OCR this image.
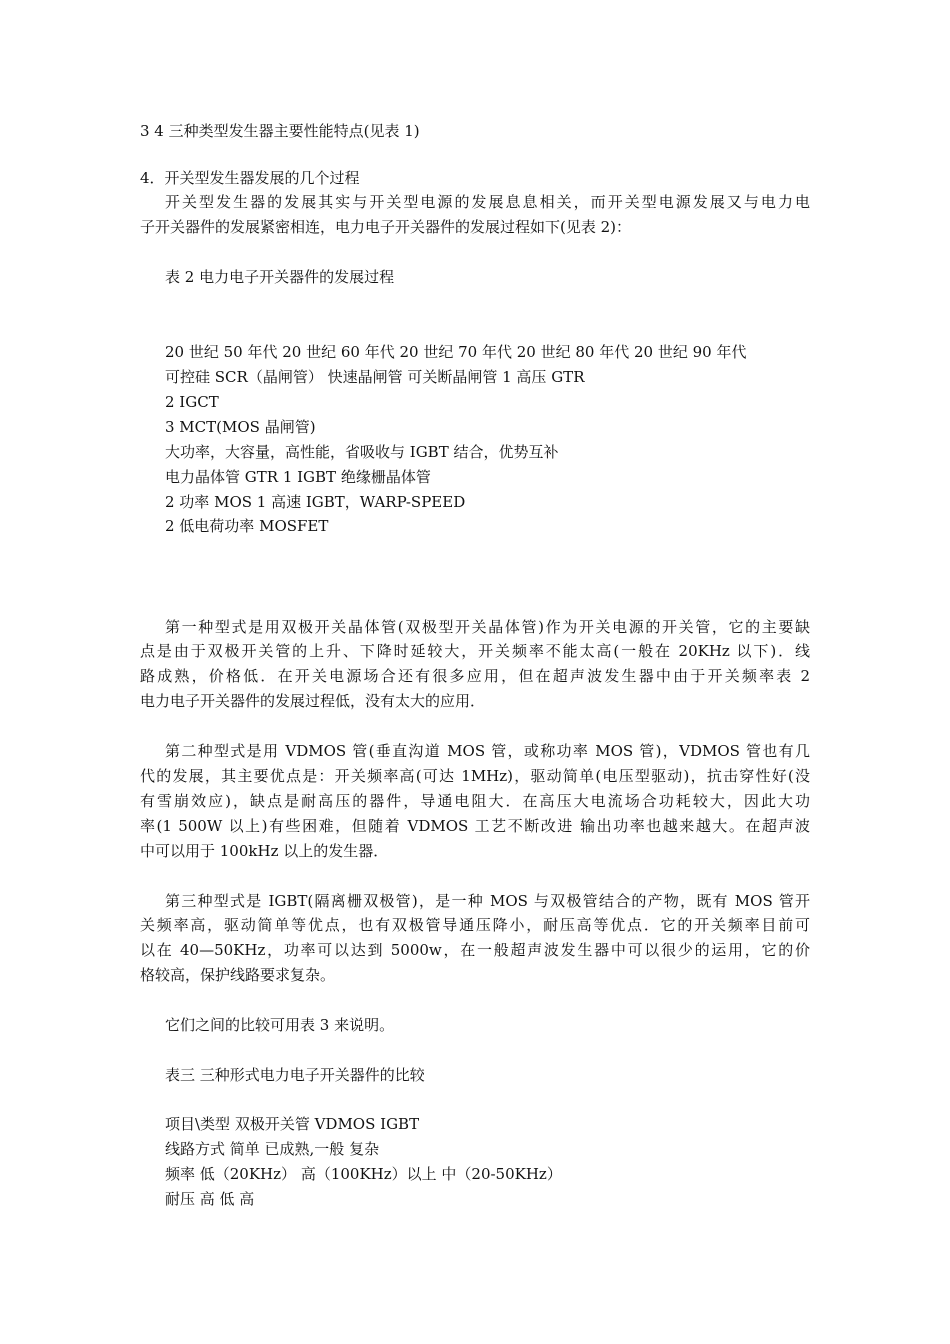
3 4 三种类型发生器主要性能特点(见表 1)
4．开关型发生器发展的几个过程
开关型发生器的发展其实与开关型电源的发展息息相关，而开关型电源发展又与电力电
子开关器件的发展紧密相连，电力电子开关器件的发展过程如下(见表 2)：
表 2 电力电子开关器件的发展过程
20 世纪 50 年代 20 世纪 60 年代 20 世纪 70 年代 20 世纪 80 年代 20 世纪 90 年代
可控硅 SCR（晶闸管） 快速晶闸管 可关断晶闸管 1 高压 GTR
2 IGCT
3 MCT(MOS 晶闸管)
大功率，大容量，高性能，省吸收与 IGBT 结合，优势互补
电力晶体管 GTR 1 IGBT 绝缘栅晶体管
2 功率 MOS 1 高速 IGBT，WARP-SPEED
2 低电荷功率 MOSFET
第一种型式是用双极开关晶体管(双极型开关晶体管)作为开关电源的开关管，它的主要缺
点是由于双极开关管的上升、下降时延较大，开关频率不能太高(一般在 20KHz 以下)．线
路成熟，价格低．在开关电源场合还有很多应用，但在超声波发生器中由于开关频率表 2
电力电子开关器件的发展过程低，没有太大的应用．
第二种型式是用 VDMOS 管(垂直沟道 MOS 管，或称功率 MOS 管)，VDMOS 管也有几
代的发展，其主要优点是：开关频率高(可达 1MHz)，驱动简单(电压型驱动)，抗击穿性好(没
有雪崩效应)，缺点是耐高压的器件，导通电阻大．在高压大电流场合功耗较大，因此大功
率(1 500W 以上)有些困难，但随着 VDMOS 工艺不断改进 输出功率也越来越大。在超声波
中可以用于 100kHz 以上的发生器．
第三种型式是 IGBT(隔离栅双极管)，是一种 MOS 与双极管结合的产物，既有 MOS 管开
关频率高，驱动简单等优点，也有双极管导通压降小，耐压高等优点．它的开关频率目前可
以在 40—50KHz，功率可以达到 5000w，在一般超声波发生器中可以很少的运用，它的价
格较高，保护线路要求复杂。
它们之间的比较可用表 3 来说明。
表三 三种形式电力电子开关器件的比较
项目\类型 双极开关管 VDMOS IGBT
线路方式 简单 已成熟,一般 复杂
频率 低（20KHz） 高（100KHz）以上 中（20-50KHz）
耐压 高 低 高
